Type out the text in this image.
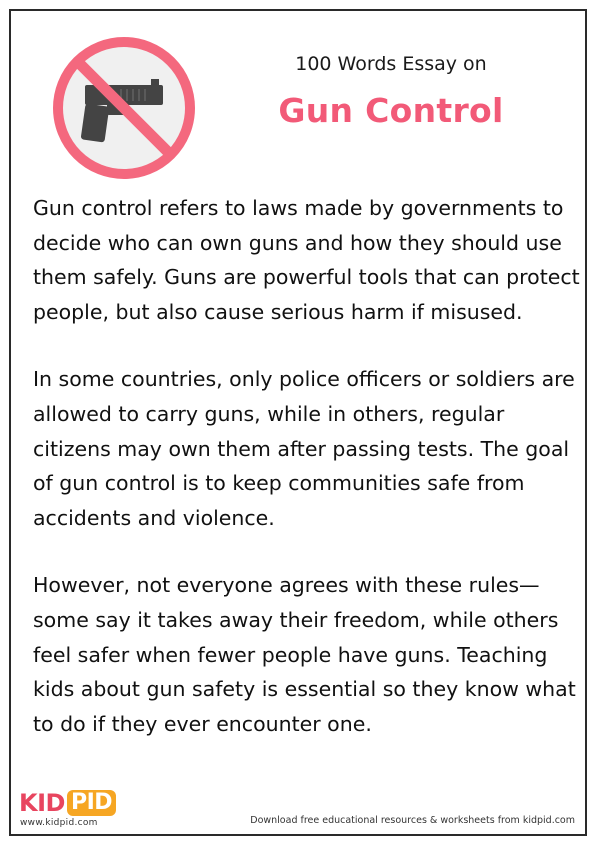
100 Words Essay on
Gun Control

Gun control refers to laws made by governments to decide who can own guns and how they should use them safely. Guns are powerful tools that can protect people, but also cause serious harm if misused.

In some countries, only police officers or soldiers are allowed to carry guns, while in others, regular citizens may own them after passing tests. The goal of gun control is to keep communities safe from accidents and violence.

However, not everyone agrees with these rules—some say it takes away their freedom, while others feel safer when fewer people have guns. Teaching kids about gun safety is essential so they know what to do if they ever encounter one.

KID PID
www.kidpid.com	Download free educational resources & worksheets from kidpid.com
